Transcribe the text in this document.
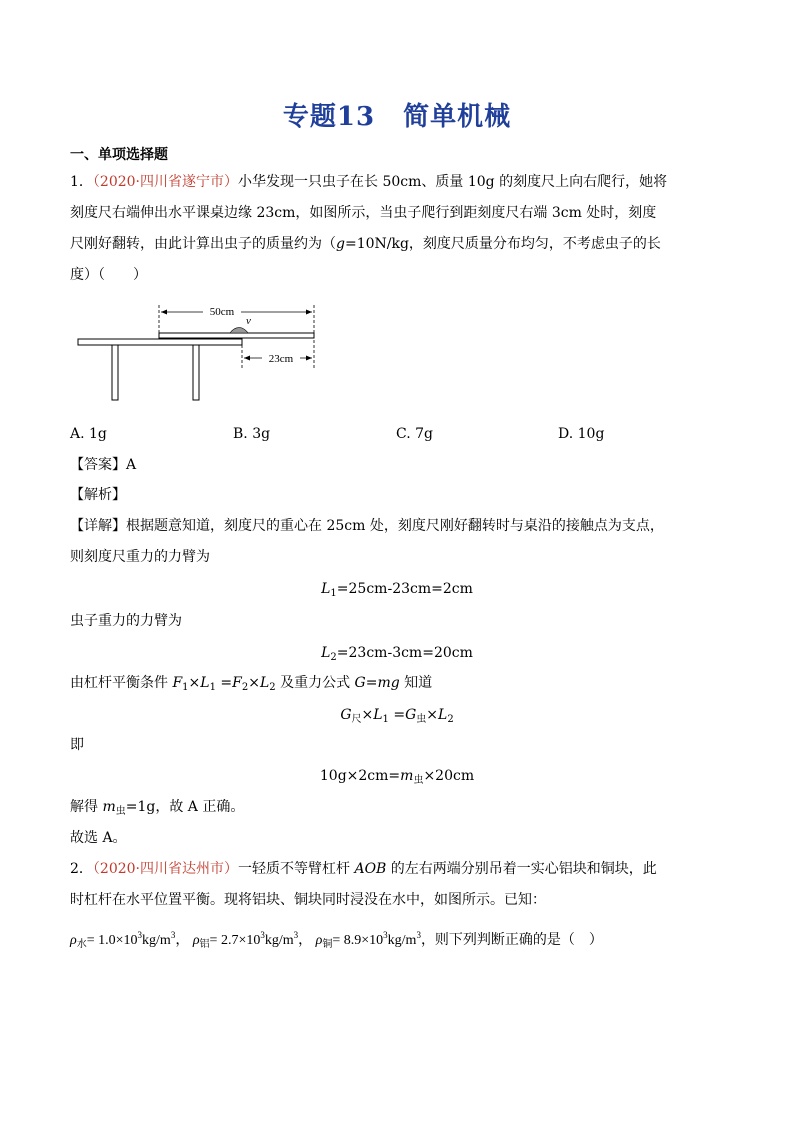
专题13 简单机械
一、单项选择题
1．（2020·四川省遂宁市）小华发现一只虫子在长 50cm、质量 10g 的刻度尺上向右爬行，她将
刻度尺右端伸出水平课桌边缘 23cm，如图所示，当虫子爬行到距刻度尺右端 3cm 处时，刻度
尺刚好翻转，由此计算出虫子的质量约为（g=10N/kg，刻度尺质量分布均匀，不考虑虫子的长
度）（　　）
50cm
v
23cm
A. 1g	B. 3g	C. 7g	D. 10g
【答案】A
【解析】
【详解】根据题意知道，刻度尺的重心在 25cm 处，刻度尺刚好翻转时与桌沿的接触点为支点，
则刻度尺重力的力臂为
$L_1=25cm-23cm=2cm$
虫子重力的力臂为
$L_2=23cm-3cm=20cm$
由杠杆平衡条件 $F_1\times L_1 =F_2\times L_2$ 及重力公式 G=mg 知道
$G_尺\times L_1 =G_虫\times L_2$
即
$10g\times 2cm=m_虫\times 20cm$
解得 $m_虫=1g$，故 A 正确。
故选 A。
2．（2020·四川省达州市）一轻质不等臂杠杆 AOB 的左右两端分别吊着一实心铝块和铜块，此
时杠杆在水平位置平衡。现将铝块、铜块同时浸没在水中，如图所示。已知：
$\rho_水= 1.0\times 10^3kg/m^3$， $\rho_铝= 2.7\times 10^3kg/m^3$， $\rho_铜= 8.9\times 10^3kg/m^3$，则下列判断正确的是（　）
